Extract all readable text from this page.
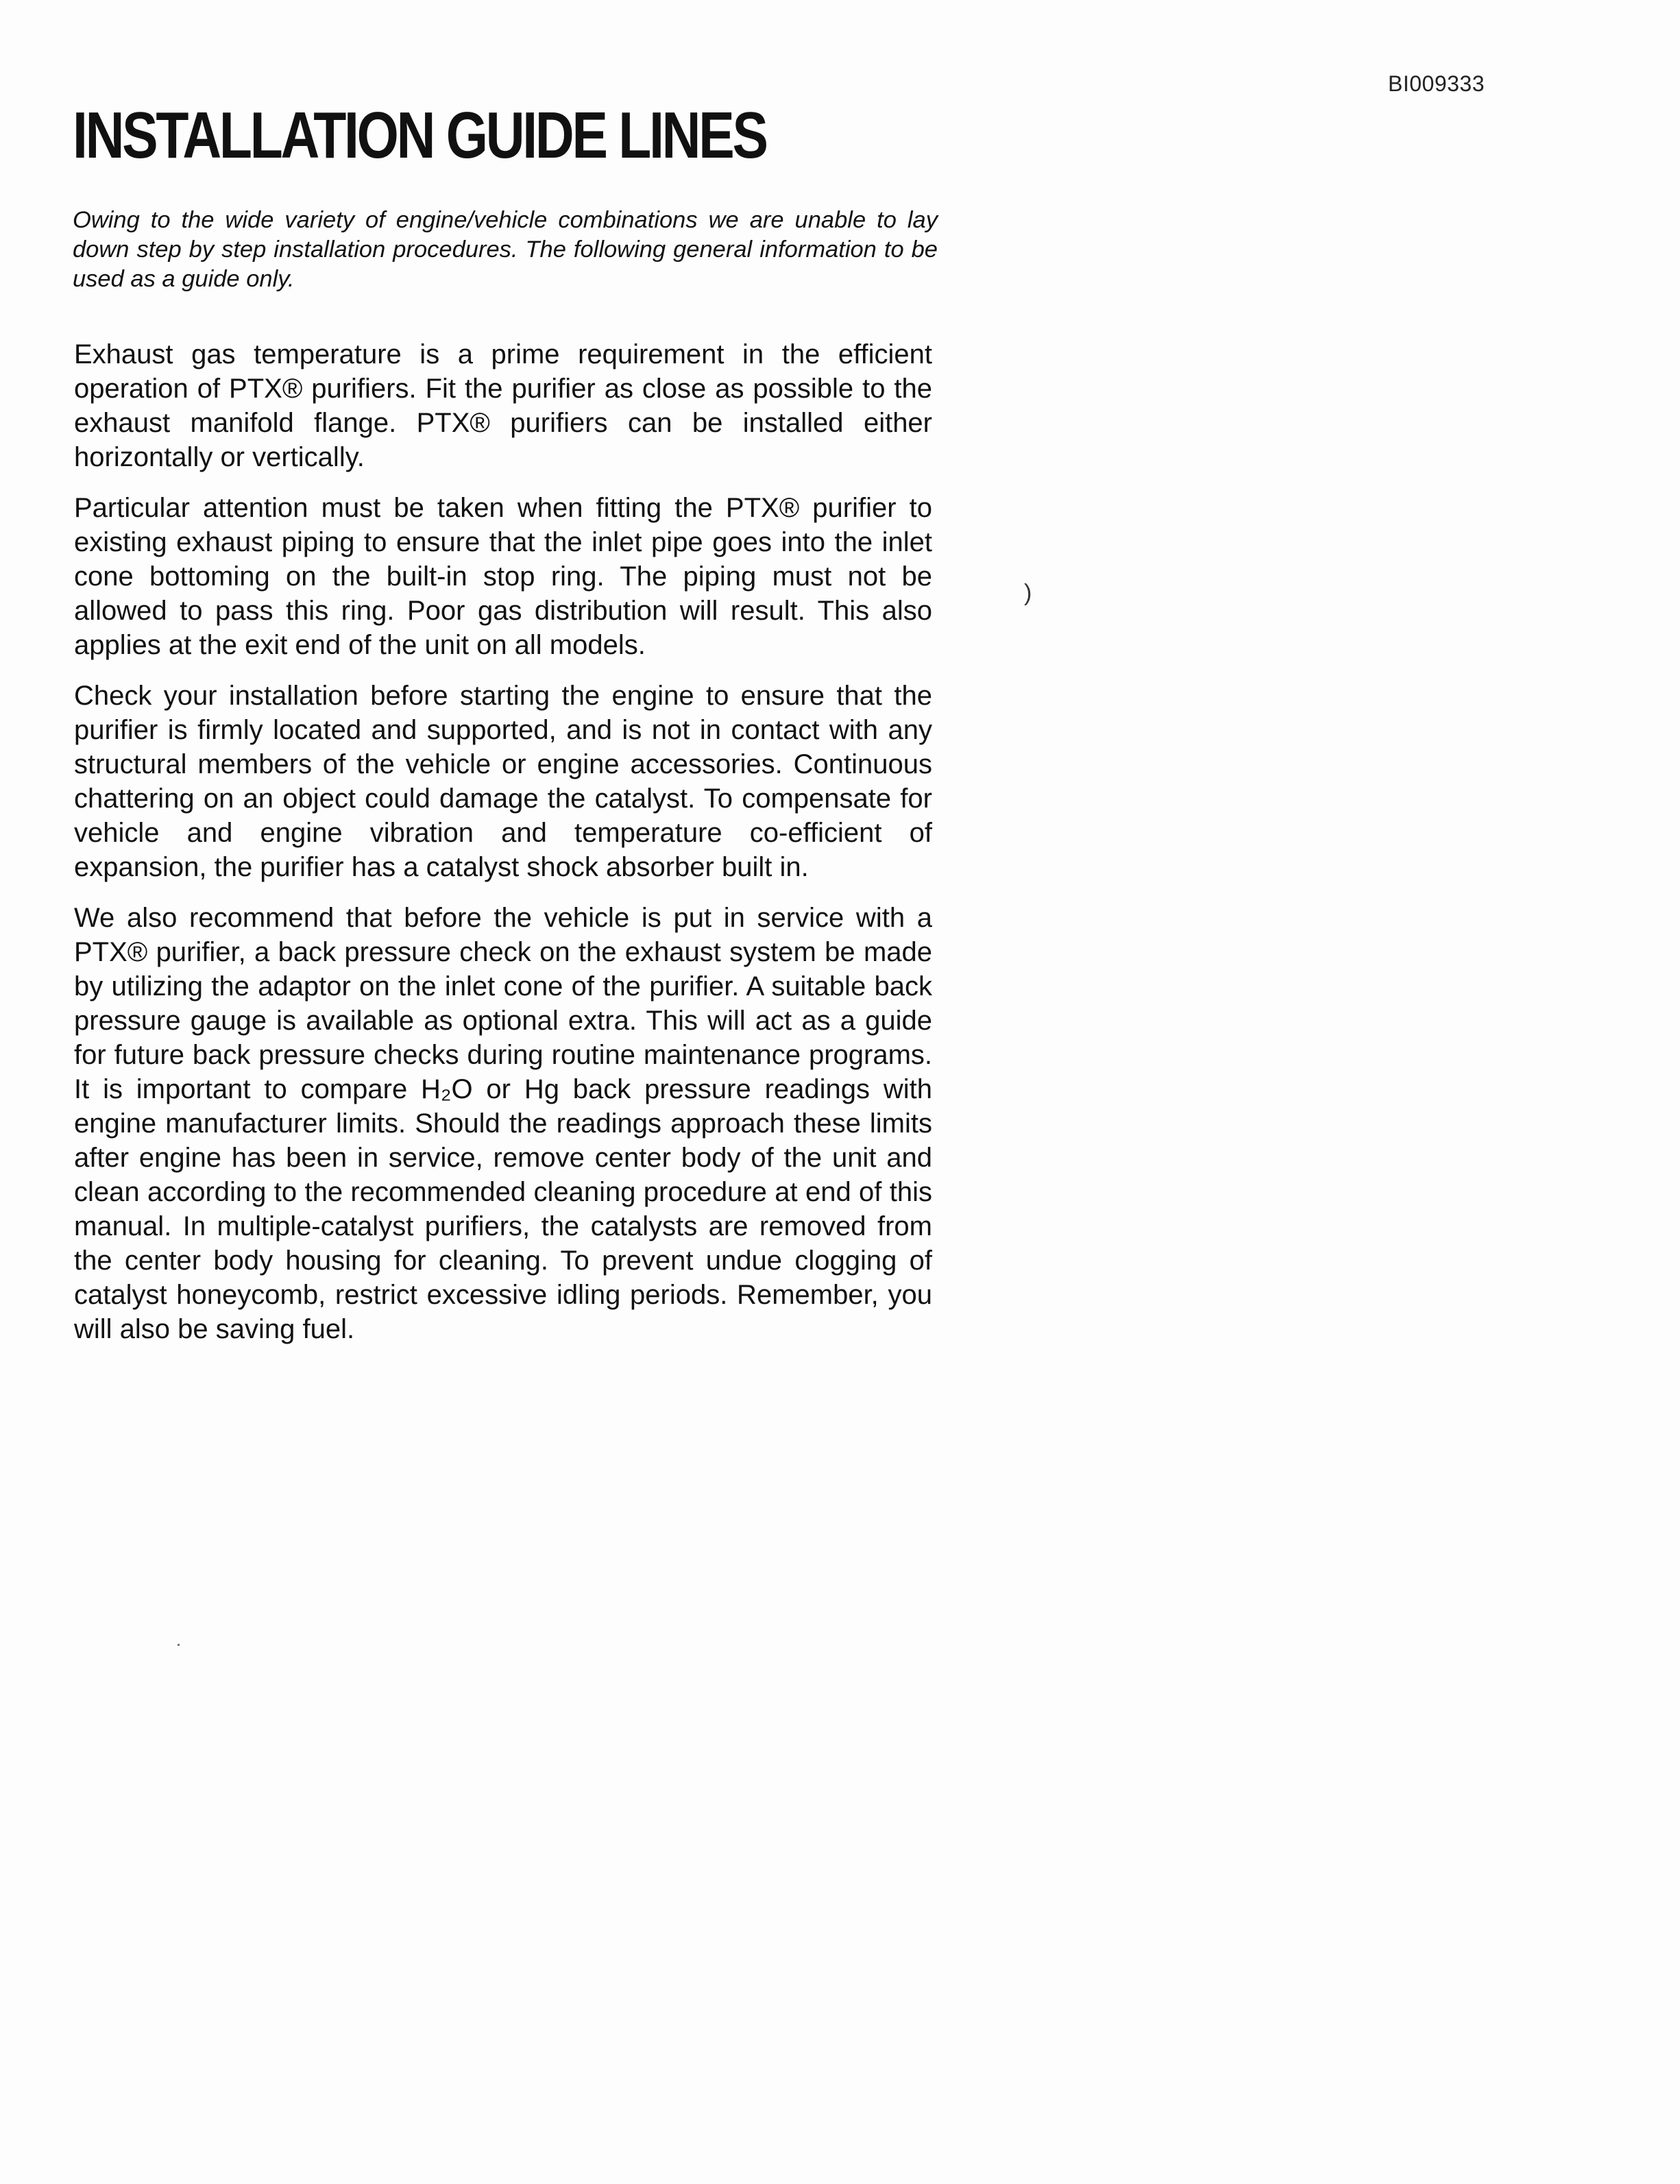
BI009333
INSTALLATION GUIDE LINES

Owing to the wide variety of engine/vehicle combinations we are unable to lay down step by step installation procedures. The following general information to be used as a guide only.

Exhaust gas temperature is a prime requirement in the efficient operation of PTX® purifiers. Fit the purifier as close as possible to the exhaust manifold flange. PTX® purifiers can be installed either horizontally or vertically.

Particular attention must be taken when fitting the PTX® purifier to existing exhaust piping to ensure that the inlet pipe goes into the inlet cone bottoming on the built-in stop ring. The piping must not be allowed to pass this ring. Poor gas distribution will result. This also applies at the exit end of the unit on all models.

Check your installation before starting the engine to ensure that the purifier is firmly located and supported, and is not in contact with any structural members of the vehicle or engine accessories. Continuous chattering on an object could damage the catalyst. To compensate for vehicle and engine vibration and temperature co-efficient of expansion, the purifier has a catalyst shock absorber built in.

We also recommend that before the vehicle is put in service with a PTX® purifier, a back pressure check on the exhaust system be made by utilizing the adaptor on the inlet cone of the purifier. A suitable back pressure gauge is available as optional extra. This will act as a guide for future back pressure checks during routine maintenance programs. It is important to compare H₂O or Hg back pressure readings with engine manufacturer limits. Should the readings approach these limits after engine has been in service, remove center body of the unit and clean according to the recommended cleaning procedure at end of this manual. In multiple-catalyst purifiers, the catalysts are removed from the center body housing for cleaning. To prevent undue clogging of catalyst honeycomb, restrict excessive idling periods. Remember, you will also be saving fuel.

)
